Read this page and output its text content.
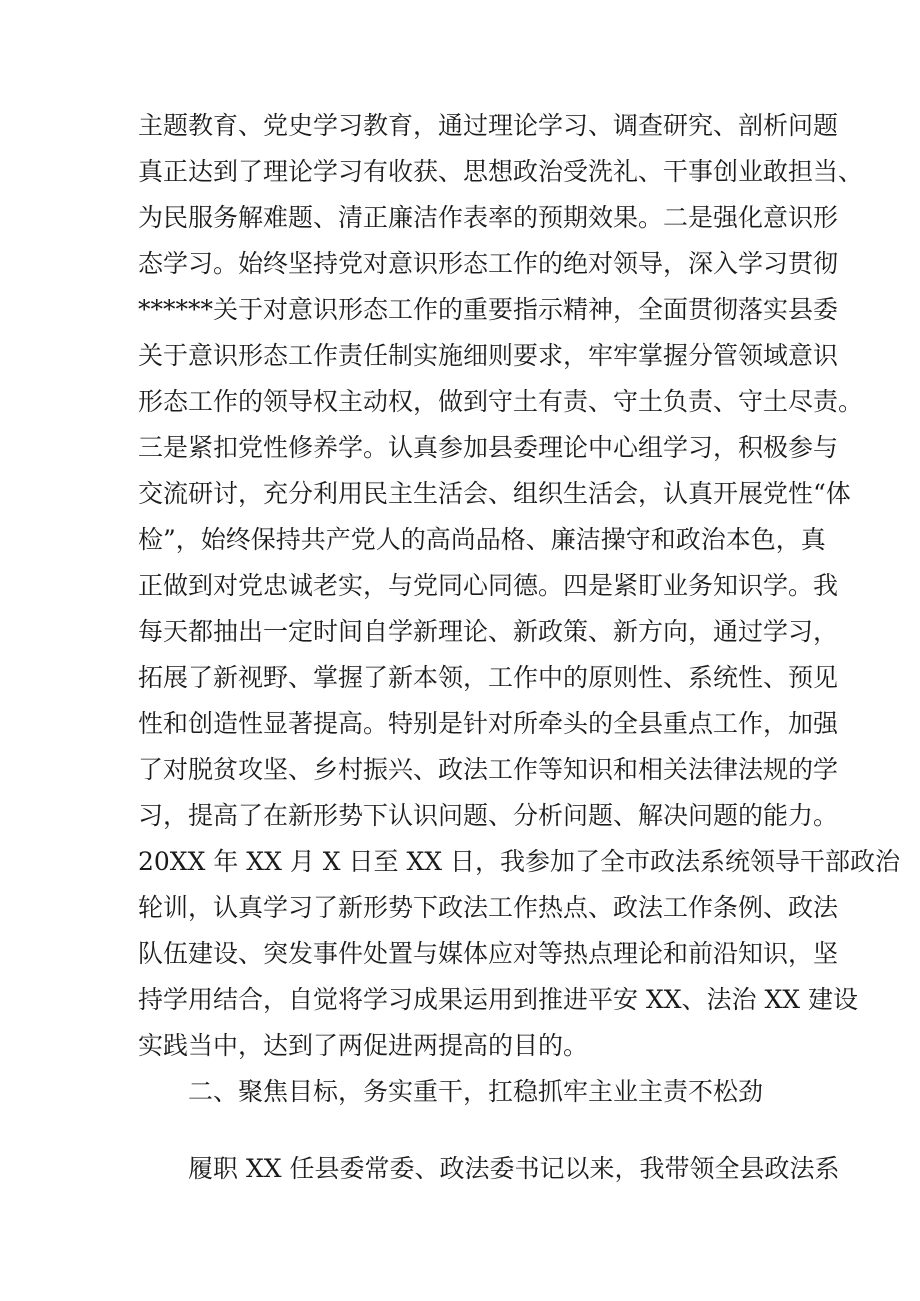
主题教育、党史学习教育，通过理论学习、调查研究、剖析问题
真正达到了理论学习有收获、思想政治受洗礼、干事创业敢担当、
为民服务解难题、清正廉洁作表率的预期效果。二是强化意识形
态学习。始终坚持党对意识形态工作的绝对领导，深入学习贯彻
******关于对意识形态工作的重要指示精神，全面贯彻落实县委
关于意识形态工作责任制实施细则要求，牢牢掌握分管领域意识
形态工作的领导权主动权，做到守土有责、守土负责、守土尽责。
三是紧扣党性修养学。认真参加县委理论中心组学习，积极参与
交流研讨，充分利用民主生活会、组织生活会，认真开展党性“体
检”，始终保持共产党人的高尚品格、廉洁操守和政治本色，真
正做到对党忠诚老实，与党同心同德。四是紧盯业务知识学。我
每天都抽出一定时间自学新理论、新政策、新方向，通过学习，
拓展了新视野、掌握了新本领，工作中的原则性、系统性、预见
性和创造性显著提高。特别是针对所牵头的全县重点工作，加强
了对脱贫攻坚、乡村振兴、政法工作等知识和相关法律法规的学
习，提高了在新形势下认识问题、分析问题、解决问题的能力。
20XX 年 XX 月 X 日至 XX 日，我参加了全市政法系统领导干部政治
轮训，认真学习了新形势下政法工作热点、政法工作条例、政法
队伍建设、突发事件处置与媒体应对等热点理论和前沿知识，坚
持学用结合，自觉将学习成果运用到推进平安 XX、法治 XX 建设
实践当中，达到了两促进两提高的目的。
二、聚焦目标，务实重干，扛稳抓牢主业主责不松劲
履职 XX 任县委常委、政法委书记以来，我带领全县政法系
